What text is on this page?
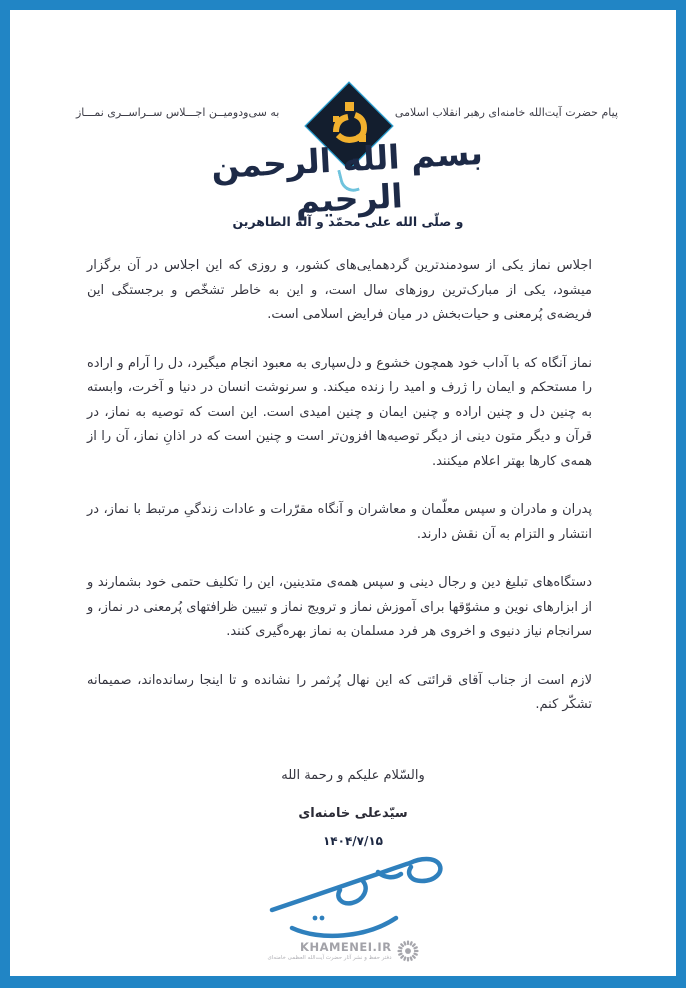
پیام حضرت آیت‌الله خامنه‌ای رهبر انقلاب اسلامی
به سی‌ودومیــن اجـــلاس ســراســری نمـــاز
بسم الله الرحمن الرحیم
و صلّی الله علی محمّد و آله الطاهرین

اجلاس نماز یکی از سودمندترین گردهمایی‌های کشور، و روزی که این اجلاس در آن برگزار میشود، یکی از مبارک‌ترین روزهای سال است، و این به خاطر تشخّص و برجستگی این فریضه‌ی پُرمعنی و حیات‌بخش در میان فرایض اسلامی است.

نماز آنگاه که با آداب خود همچون خشوع و دل‌سپاری به معبود انجام میگیرد، دل را آرام و اراده را مستحکم و ایمان را ژرف و امید را زنده میکند. و سرنوشت انسان در دنیا و آخرت، وابسته به چنین دل و چنین اراده و چنین ایمان و چنین امیدی است. این است که توصیه به نماز، در قرآن و دیگر متون دینی از دیگر توصیه‌ها افزون‌تر است و چنین است که در اذانِ نماز، آن را از همه‌ی کارها بهتر اعلام میکنند.

پدران و مادران و سپس معلّمان و معاشران و آنگاه مقرّرات و عادات زندگیِ مرتبط با نماز، در انتشار و التزام به آن نقش دارند.

دستگاه‌های تبلیغ دین و رجال دینی و سپس همه‌ی متدینین، این را تکلیف حتمی خود بشمارند و از ابزارهای نوین و مشوّقها برای آموزش نماز و ترویج نماز و تبیین ظرافتهای پُرمعنی در نماز، و سرانجام نیاز دنیوی و اخروی هر فرد مسلمان به نماز بهره‌گیری کنند.

لازم است از جناب آقای قرائتی که این نهال پُرثمر را نشانده و تا اینجا رسانده‌اند، صمیمانه تشکّر کنم.

والسّلام علیکم و رحمة الله
سیّدعلی خامنه‌ای
۱۴۰۴/۷/۱۵
KHAMENEI.IR
دفتر حفظ و نشر آثار حضرت آیت‌الله العظمی خامنه‌ای
